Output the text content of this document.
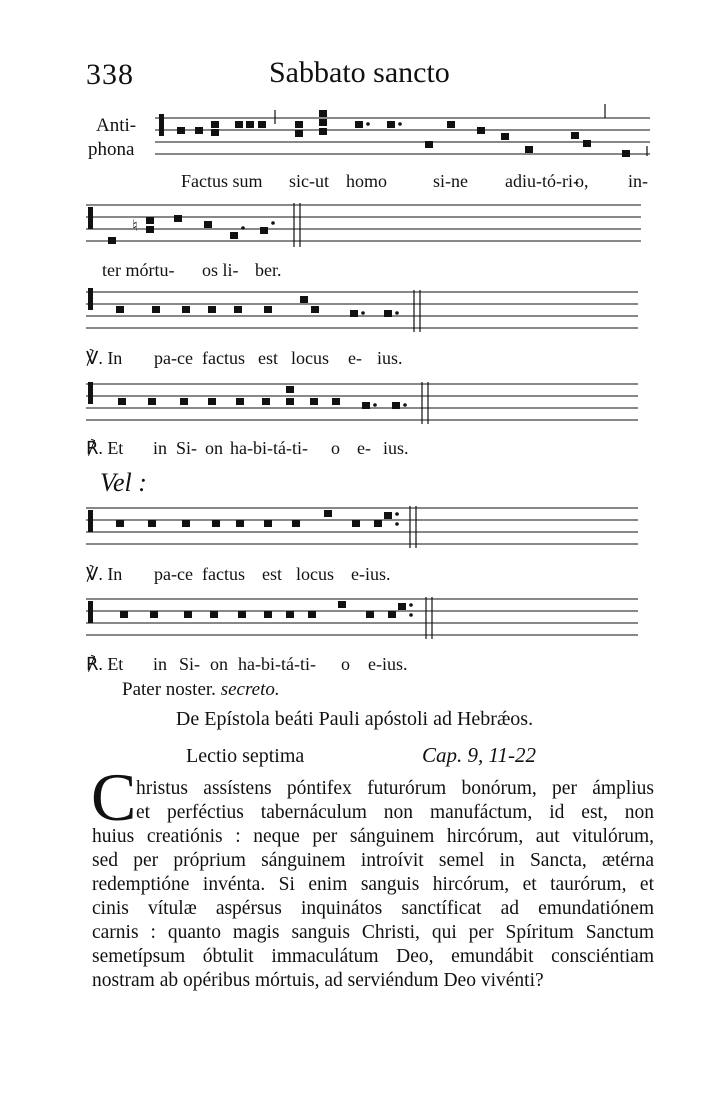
338	Sabbato sancto
Anti-
phona
Factus sum sic-ut homo	si-ne adiu-tó-ri-
o, in-
♮
ter mórtu- os li- ber.
℣. In pa-ce factus est locus e- ius.
℟. Et in Si- on ha-bi-tá-ti- o e- ius.
Vel :
℣. In pa-ce factus est locus e-ius.
℟. Et in Si- on ha-bi-tá-ti- o e-ius.
Pater noster. secreto.
De Epístola beáti Pauli apóstoli ad Hebrǽos.
Lectio septima	Cap. 9, 11-22
C hristus assístens póntifex futurórum bonórum, per ámplius
et perféctius tabernáculum non manufáctum, id est, non
huius creatiónis : neque per sánguinem hircórum, aut vitulórum,
sed per próprium sánguinem introívit semel in Sancta, ætérna
redemptióne invénta. Si enim sanguis hircórum, et taurórum, et
cinis vítulæ aspérsus inquinátos sanctíficat ad emundatiónem
carnis : quanto magis sanguis Christi, qui per Spíritum Sanctum
semetípsum óbtulit immaculátum Deo, emundábit consciéntiam
nostram ab opéribus mórtuis, ad serviéndum Deo vivénti?
